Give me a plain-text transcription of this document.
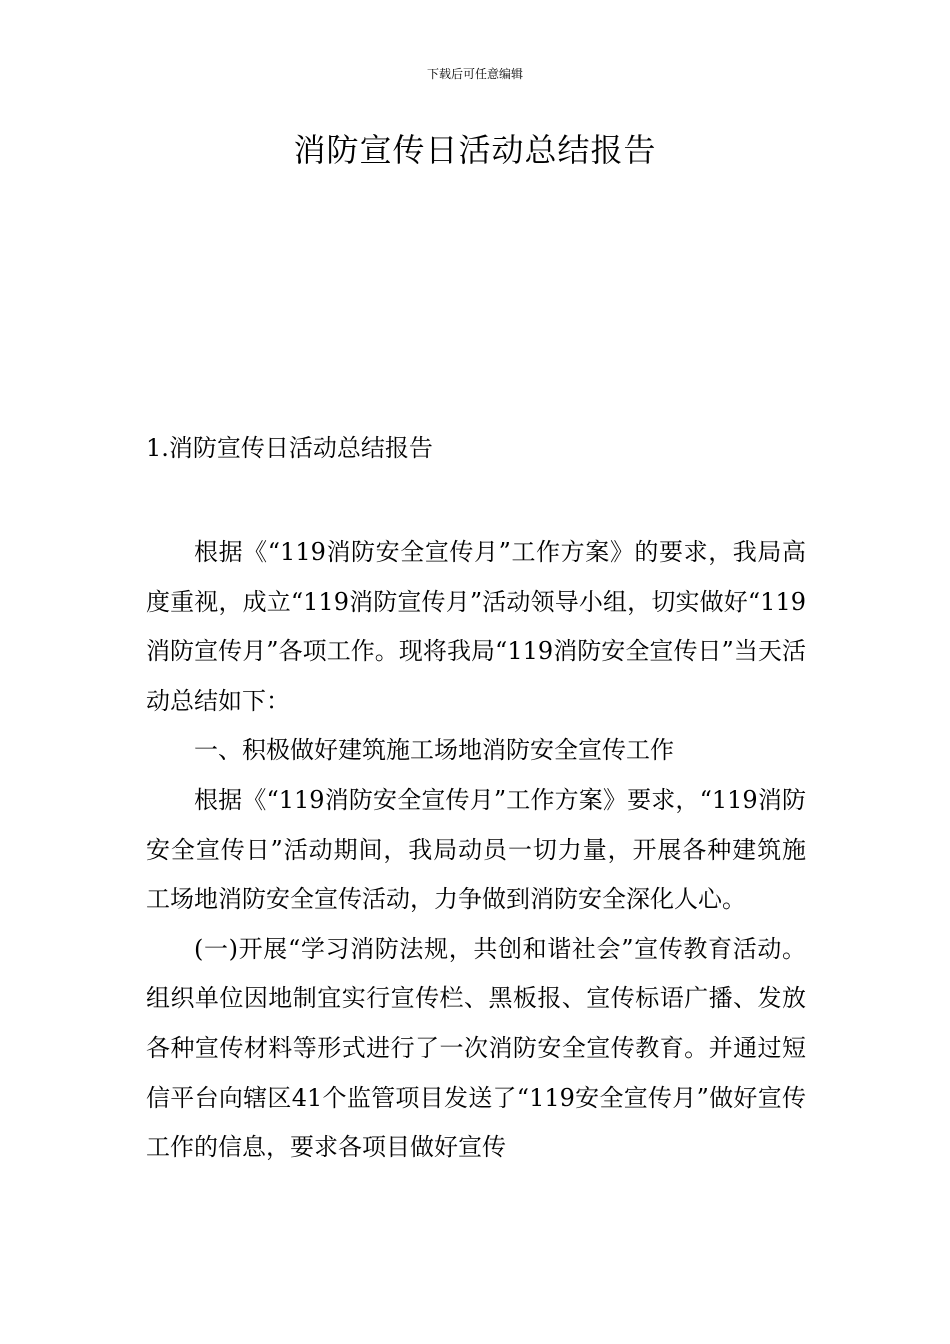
下载后可任意编辑
消防宣传日活动总结报告
1.消防宣传日活动总结报告

根据《“119消防安全宣传月”工作方案》的要求，我局高度重视，成立“119消防宣传月”活动领导小组，切实做好“119消防宣传月”各项工作。现将我局“119消防安全宣传日”当天活动总结如下：

一、积极做好建筑施工场地消防安全宣传工作

根据《“119消防安全宣传月”工作方案》要求，“119消防安全宣传日”活动期间，我局动员一切力量，开展各种建筑施工场地消防安全宣传活动，力争做到消防安全深化人心。

(一)开展“学习消防法规，共创和谐社会”宣传教育活动。组织单位因地制宜实行宣传栏、黑板报、宣传标语广播、发放各种宣传材料等形式进行了一次消防安全宣传教育。并通过短信平台向辖区41个监管项目发送了“119安全宣传月”做好宣传工作的信息，要求各项目做好宣传
